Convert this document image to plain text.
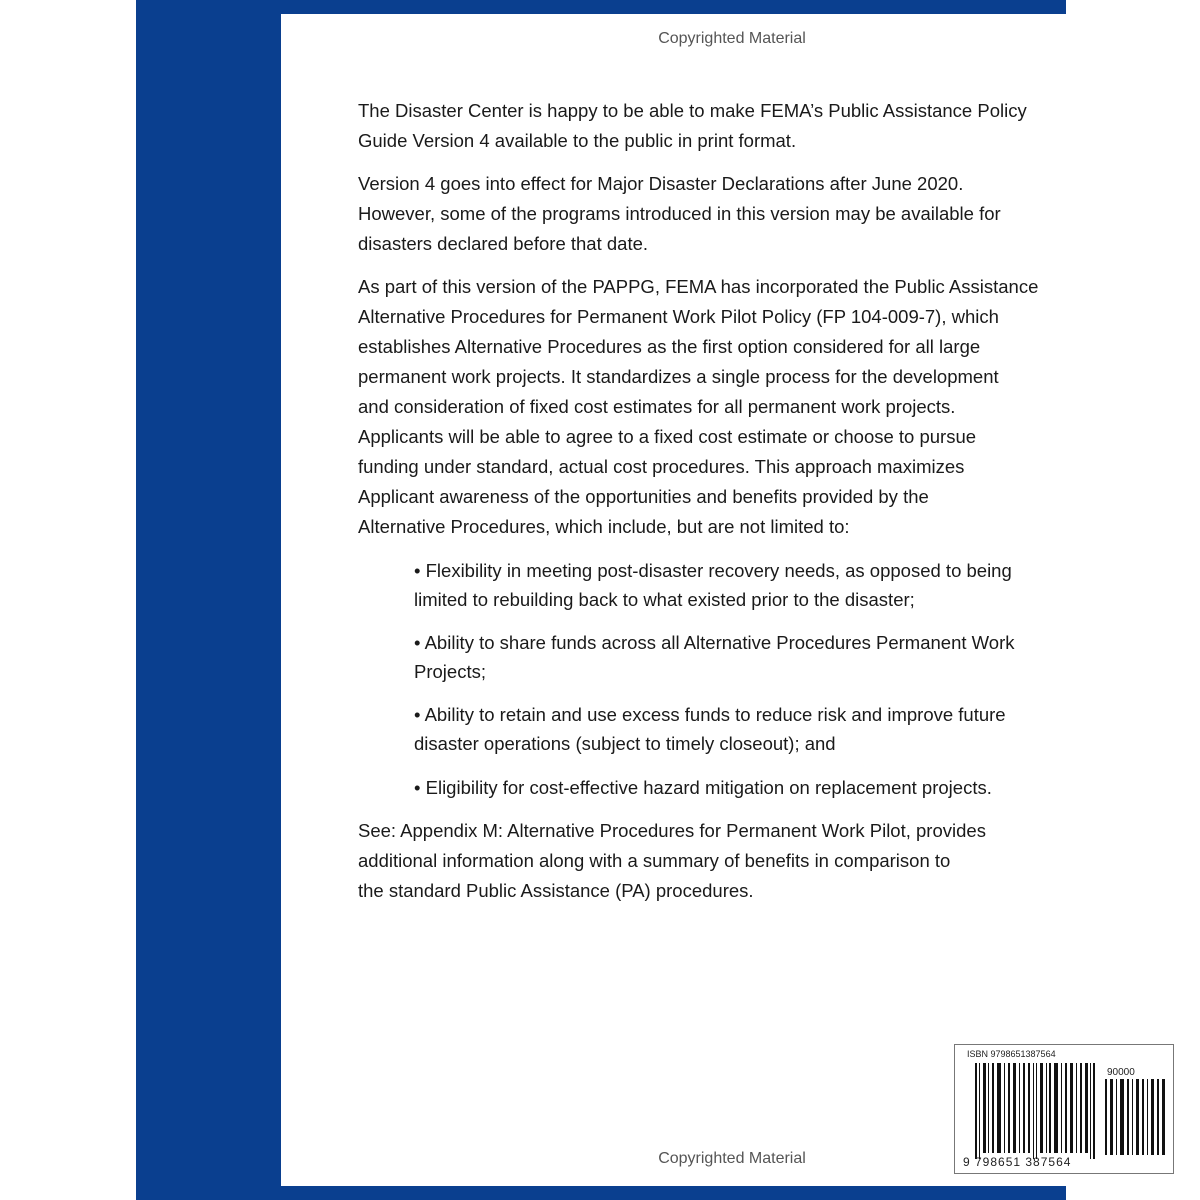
Copyrighted Material
The Disaster Center is happy to be able to make FEMA’s Public Assistance Policy
Guide Version 4 available to the public in print format.
Version 4 goes into effect for Major Disaster Declarations after June 2020.
However, some of the programs introduced in this version may be available for
disasters declared before that date.
As part of this version of the PAPPG, FEMA has incorporated the Public Assistance
Alternative Procedures for Permanent Work Pilot Policy (FP 104-009-7), which
establishes Alternative Procedures as the first option considered for all large
permanent work projects. It standardizes a single process for the development
and consideration of fixed cost estimates for all permanent work projects.
Applicants will be able to agree to a fixed cost estimate or choose to pursue
funding under standard, actual cost procedures. This approach maximizes
Applicant awareness of the opportunities and benefits provided by the
Alternative Procedures, which include, but are not limited to:
• Flexibility in meeting post-disaster recovery needs, as opposed to being
limited to rebuilding back to what existed prior to the disaster;
• Ability to share funds across all Alternative Procedures Permanent Work
Projects;
• Ability to retain and use excess funds to reduce risk and improve future
disaster operations (subject to timely closeout); and
• Eligibility for cost-effective hazard mitigation on replacement projects.
See: Appendix M: Alternative Procedures for Permanent Work Pilot, provides
additional information along with a summary of benefits in comparison to
the standard Public Assistance (PA) procedures.
ISBN 9798651387564
90000
9 798651 387564
Copyrighted Material
